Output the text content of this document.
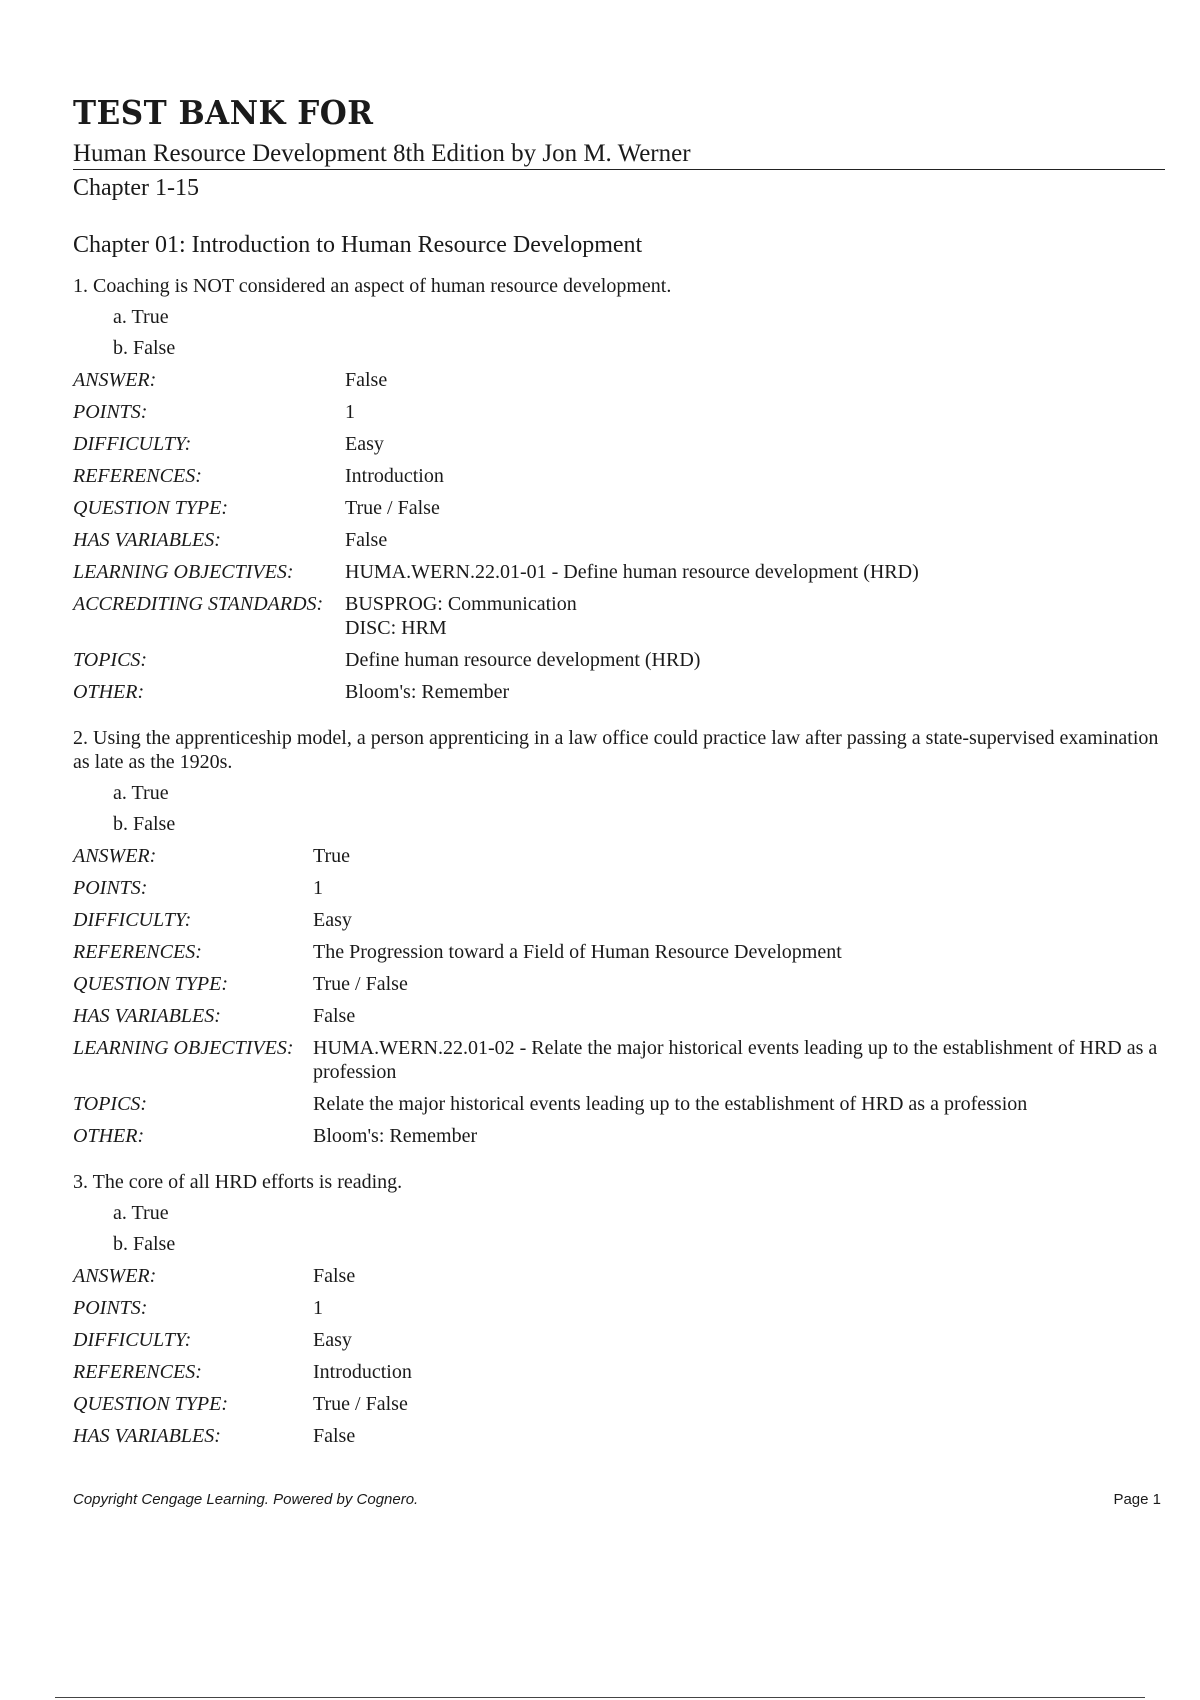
TEST BANK FOR
Human Resource Development 8th Edition by Jon M. Werner
Chapter 1-15
Chapter 01: Introduction to Human Resource Development

1. Coaching is NOT considered an aspect of human resource development.

a. True
b. False
ANSWER:	False
POINTS:	1
DIFFICULTY:	Easy
REFERENCES:	Introduction
QUESTION TYPE:	True / False
HAS VARIABLES:	False
LEARNING OBJECTIVES:	HUMA.WERN.22.01-01 - Define human resource development (HRD)
ACCREDITING STANDARDS:	BUSPROG: Communication
DISC: HRM
TOPICS:	Define human resource development (HRD)
OTHER:	Bloom's: Remember

2. Using the apprenticeship model, a person apprenticing in a law office could practice law after passing a state-supervised examination as late as the 1920s.

a. True
b. False
ANSWER:	True
POINTS:	1
DIFFICULTY:	Easy
REFERENCES:	The Progression toward a Field of Human Resource Development
QUESTION TYPE:	True / False
HAS VARIABLES:	False
LEARNING OBJECTIVES: HUMA.WERN.22.01-02 - Relate the major historical events leading up to the establishment of HRD as a profession
TOPICS:	Relate the major historical events leading up to the establishment of HRD as a profession
OTHER:	Bloom's: Remember

3. The core of all HRD efforts is reading.

a. True
b. False
ANSWER:	False
POINTS:	1
DIFFICULTY:	Easy
REFERENCES:	Introduction
QUESTION TYPE:	True / False
HAS VARIABLES:	False
Copyright Cengage Learning. Powered by Cognero.	Page 1
